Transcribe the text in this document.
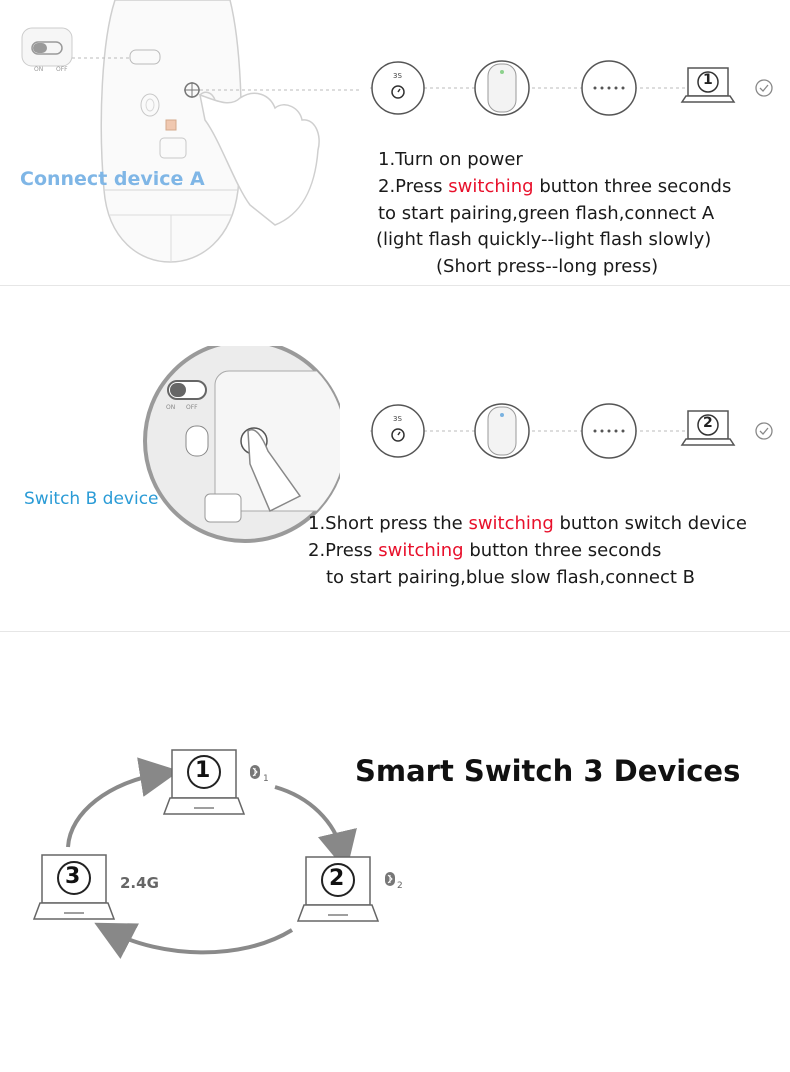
ON OFF
Connect device A
3S	1
1.Turn on power
2.Press switching button three seconds
to start pairing,green flash,connect A
(light flash quickly--light flash slowly)
(Short press--long press)
ON OFF
Switch B device
3S	2
1.Short press the switching button switch device
2.Press switching button three seconds
to start pairing,blue slow flash,connect B
Smart Switch 3 Devices
1
2
3
1
2
2.4G
